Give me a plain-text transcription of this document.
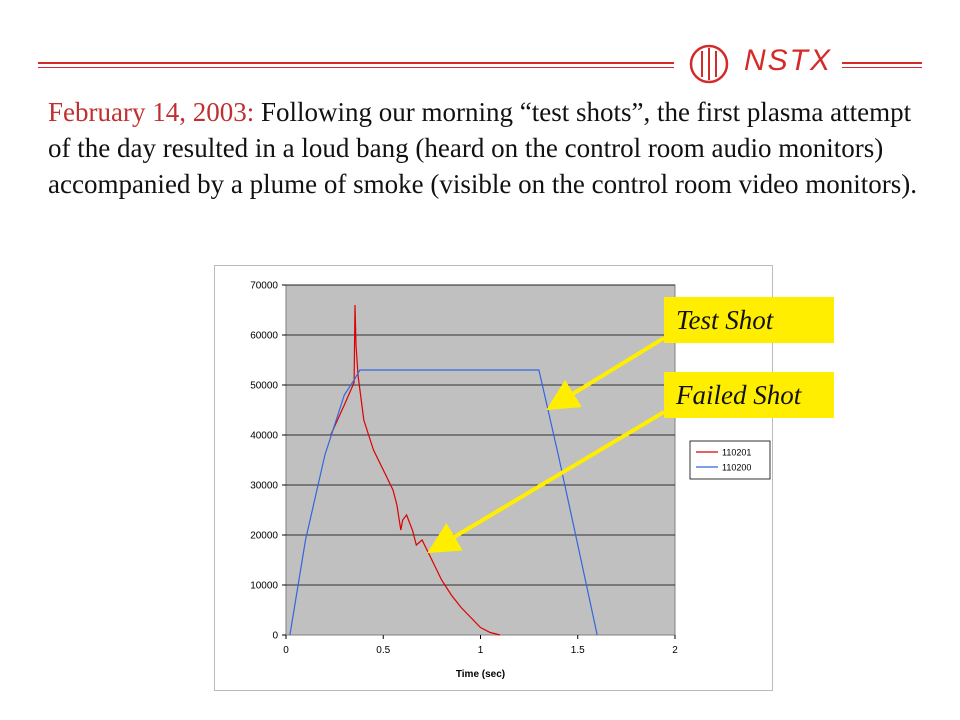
NSTX
February 14, 2003: Following our morning “test shots”, the first plasma attempt of the day resulted in a loud bang (heard on the control room audio monitors) accompanied by a plume of smoke (visible on the control room video monitors).
0
10000
20000
30000
40000
50000
60000
70000
0	0.5	1	1.5	2
Time (sec)
110201
110200
Test Shot
Failed Shot
